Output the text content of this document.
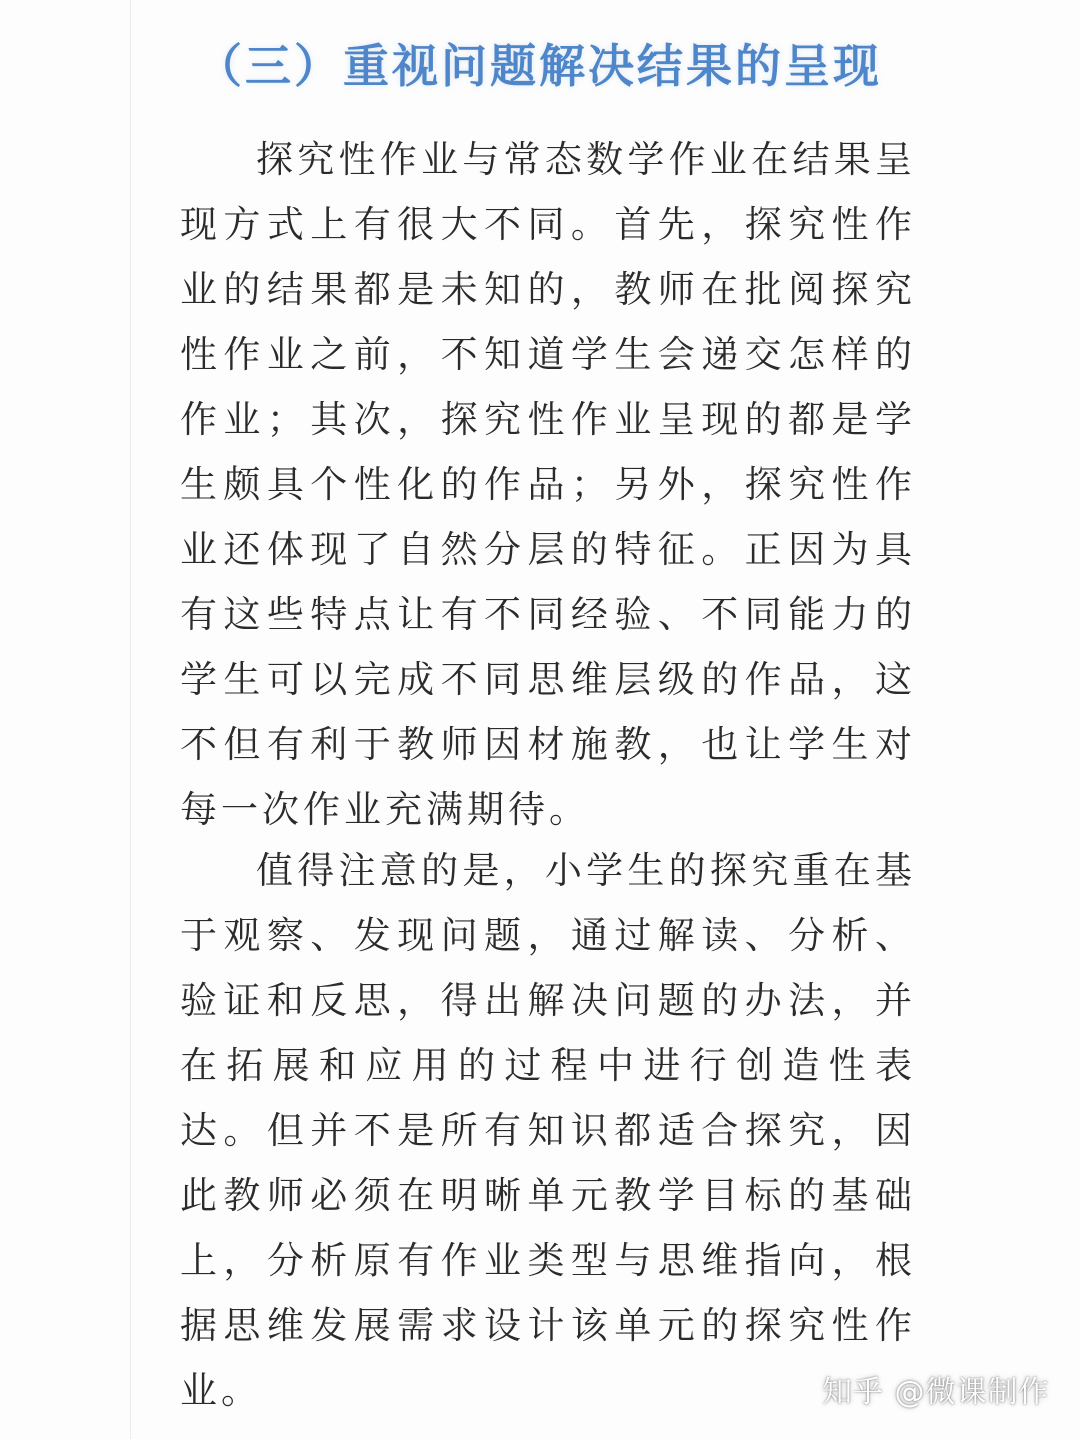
（三）重视问题解决结果的呈现

探究性作业与常态数学作业在结果呈现方式上有很大不同。首先，探究性作业的结果都是未知的，教师在批阅探究性作业之前，不知道学生会递交怎样的作业；其次，探究性作业呈现的都是学生颇具个性化的作品；另外，探究性作业还体现了自然分层的特征。正因为具有这些特点让有不同经验、不同能力的学生可以完成不同思维层级的作品，这不但有利于教师因材施教，也让学生对每一次作业充满期待。

值得注意的是，小学生的探究重在基于观察、发现问题，通过解读、分析、验证和反思，得出解决问题的办法，并在拓展和应用的过程中进行创造性表达。但并不是所有知识都适合探究，因此教师必须在明晰单元教学目标的基础上，分析原有作业类型与思维指向，根据思维发展需求设计该单元的探究性作业。	知乎 @微课制作
